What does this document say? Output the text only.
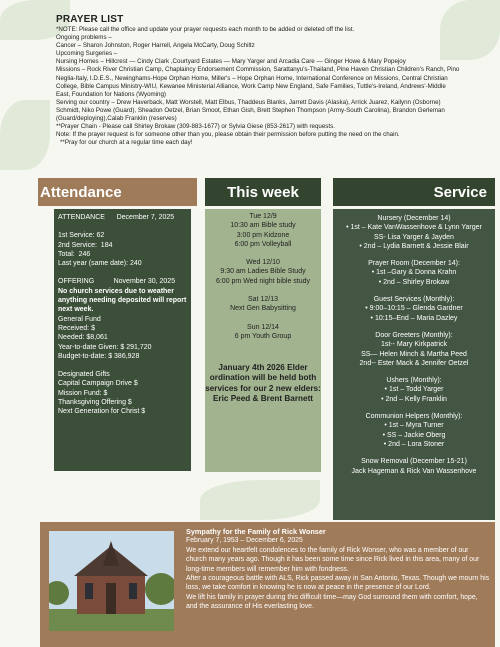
PRAYER LIST
*NOTE: Please call the office and update your prayer requests each month to be added or deleted off the list.
Ongoing problems –
Cancer – Sharon Johnston, Roger Harrell, Angela McCarty, Doug Schiltz
Upcoming Surgeries –
Nursing Homes – Hillcrest — Cindy Clark ,Courtyard Estates — Mary Yarger and Arcadia Care — Ginger Howe & Mary Popejoy
Missions – Rock River Christian Camp, Chaplaincy Endorsement Commission, Sarattanyu's-Thailand, Pine Haven Christian Children's Ranch, Pino Neglia-Italy, I.D.E.S., Newinghams-Hope Orphan Home, Miller's – Hope Orphan Home, International Conference on Missions, Central Christian College, Bible Campus Ministry-WIU, Kewanee Ministerial Alliance, Work Camp New England, Safe Families, Tuttle's-Ireland, Andrews'-Middle East, Foundation for Nations (Wyoming)
Serving our country – Drew Haverback, Matt Worstell, Matt Elbus, Thaddeus Blanks, Jarrett Davis (Alaska), Arrick Juarez, Kailynn (Osborne) Schmidt, Niko Powe (Guard), Sheadon Oetzel, Brian Smoot, Ethan Gish, Brett Stephen Thompson (Army-South Carolina), Brandon Gerleman (Guard/deploying),Calab Franklin (reserves)
**Prayer Chain - Please call Shirley Brokaw (309-883-1677) or Sylvia Giese (853-2617) with requests.
Note: If the prayer request is for someone other than you, please obtain their permission before putting the need on the chain.
**Pray for our church at a regular time each day!
Attendance	This week	Service
ATTENDANCE      December 7, 2025
1st Service: 62
2nd Service:  184
Total:  246
Last year (same date): 240
OFFERING          November 30, 2025
No church services due to weather anything needing deposited will report next week.
General Fund
Received: $
Needed: $8,061
Year-to-date Given: $ 291,720
Budget-to-date: $ 386,928
Designated Gifts
Capital Campaign Drive $
Mission Fund: $
Thanksgiving Offering $
Next Generation for Christ $
Tue 12/9
10:30 am Bible study
3:00 pm Kidzone
6:00 pm Volleyball
Wed 12/10
9:30 am Ladies Bible Study
6:00 pm Wed night bible study
Sat 12/13
Next Gen Babysitting
Sun 12/14
6 pm Youth Group
January 4th 2026 Elder ordination will be held both services for our 2 new elders: Eric Peed & Brent Barnett
Nursery (December 14)
• 1st – Kate VanWassenhove & Lynn Yarger
SS- Lisa Yarger & Jayden
• 2nd – Lydia Barnett & Jessie Blair
Prayer Room (December 14):
• 1st –Gary & Donna Krahn
• 2nd – Shirley Brokaw
Guest Services (Monthly):
• 9:00–10:15 – Glenda Gardner
• 10:15–End – Maria Dazley
Door Greeters (Monthly):
1st-- Mary Kirkpatrick
SS— Helen Minch & Martha Peed
2nd-- Ester Mack & Jennifer Oetzel
Ushers (Monthly):
• 1st – Todd Yarger
• 2nd – Kelly Franklin
Communion Helpers (Monthly):
• 1st – Myra Turner
• SS – Jackie Oberg
• 2nd – Lora Stoner
Snow Removal (December 15-21)
Jack Hageman & Rick Van Wassenhove
Sympathy for the Family of Rick Wonser
February 7, 1953 – December 6, 2025
We extend our heartfelt condolences to the family of Rick Wonser, who was a member of our church many years ago. Though it has been some time since Rick lived in this area, many of our long-time members will remember him with fondness.
After a courageous battle with ALS, Rick passed away in San Antonio, Texas. Though we mourn his loss, we take comfort in knowing he is now at peace in the presence of our Lord.
We lift his family in prayer during this difficult time—may God surround them with comfort, hope, and the assurance of His everlasting love.
